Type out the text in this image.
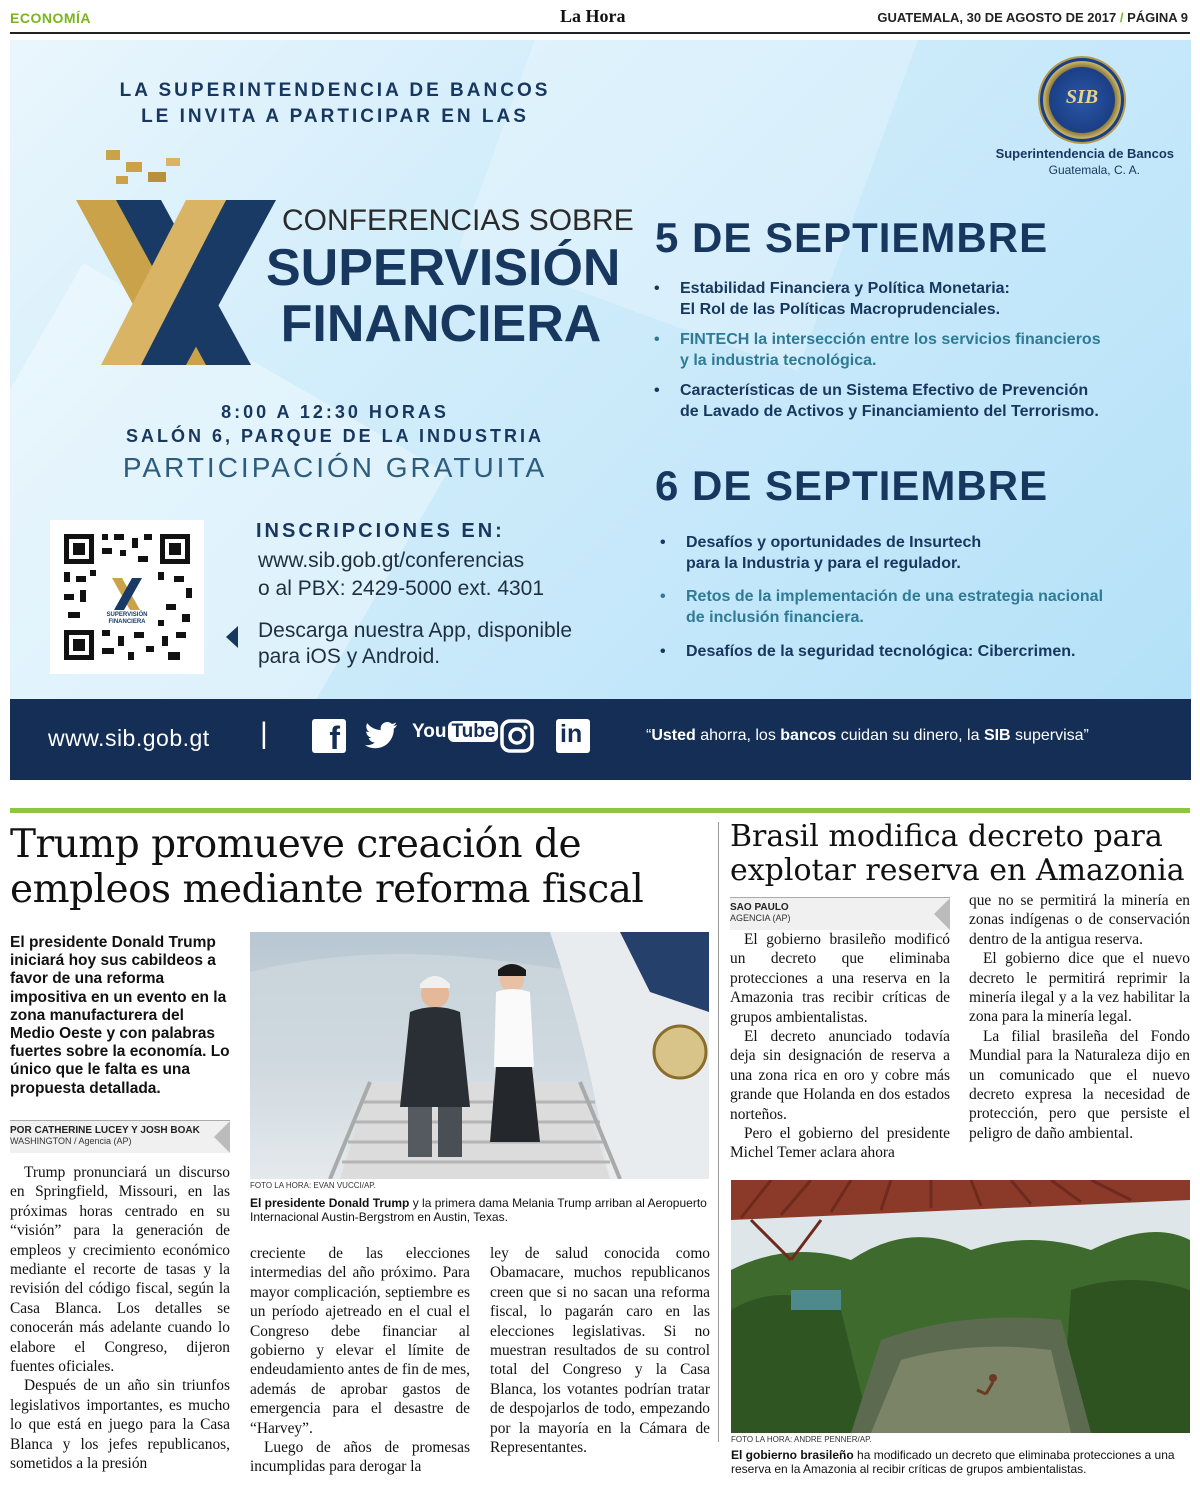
ECONOMÍA	La Hora	GUATEMALA, 30 DE AGOSTO DE 2017 / PÁGINA 9
LA SUPERINTENDENCIA DE BANCOS
LE INVITA A PARTICIPAR EN LAS
SIB
Superintendencia de Bancos
Guatemala, C. A.
CONFERENCIAS SOBRE
SUPERVISIÓN
FINANCIERA
8:00 A 12:30 HORAS
SALÓN 6, PARQUE DE LA INDUSTRIA
PARTICIPACIÓN GRATUITA
SUPERVISIÓN
FINANCIERA
INSCRIPCIONES EN:
www.sib.gob.gt/conferencias
o al PBX: 2429-5000 ext. 4301
Descarga nuestra App, disponible
para iOS y Android.
5 DE SEPTIEMBRE
• Estabilidad Financiera y Política Monetaria:
El Rol de las Políticas Macroprudenciales.
• FINTECH la intersección entre los servicios financieros
y la industria tecnológica.
• Características de un Sistema Efectivo de Prevención
de Lavado de Activos y Financiamiento del Terrorismo.
6 DE SEPTIEMBRE
• Desafíos y oportunidades de Insurtech
para la Industria y para el regulador.
• Retos de la implementación de una estrategia nacional
de inclusión financiera.
• Desafíos de la seguridad tecnológica: Cibercrimen.
www.sib.gob.gt | f	You Tube	in	“Usted ahorra, los bancos cuidan su dinero, la SIB supervisa”
Trump promueve creación de
empleos mediante reforma fiscal
El presidente Donald Trump iniciará hoy sus cabildeos a favor de una reforma impositiva en un evento en la zona manufacturera del Medio Oeste y con palabras fuertes sobre la economía. Lo único que le falta es una propuesta detallada.
POR CATHERINE LUCEY Y JOSH BOAK
WASHINGTON / Agencia (AP)
FOTO LA HORA: EVAN VUCCI/AP.
El presidente Donald Trump y la primera dama Melania Trump arriban al Aeropuerto Internacional Austin-Bergstrom en Austin, Texas.

Trump pronunciará un discurso en Springfield, Missouri, en las próximas horas centrado en su “visión” para la generación de empleos y crecimiento económico mediante el recorte de tasas y la revisión del código fiscal, según la Casa Blanca. Los detalles se conocerán más adelante cuando lo elabore el Congreso, dijeron fuentes oficiales.

Después de un año sin triunfos legislativos importantes, es mucho lo que está en juego para la Casa Blanca y los jefes republicanos, sometidos a la presión

creciente de las elecciones intermedias del año próximo. Para mayor complicación, septiembre es un período ajetreado en el cual el Congreso debe financiar al gobierno y elevar el límite de endeudamiento antes de fin de mes, además de aprobar gastos de emergencia para el desastre de “Harvey”.

Luego de años de promesas incumplidas para derogar la

ley de salud conocida como Obamacare, muchos republicanos creen que si no sacan una reforma fiscal, lo pagarán caro en las elecciones legislativas. Si no muestran resultados de su control total del Congreso y la Casa Blanca, los votantes podrían tratar de despojarlos de todo, empezando por la mayoría en la Cámara de Representantes.

Brasil modifica decreto para
explotar reserva en Amazonia
SAO PAULO
AGENCIA (AP)

El gobierno brasileño modificó un decreto que eliminaba protecciones a una reserva en la Amazonia tras recibir críticas de grupos ambientalistas.

El decreto anunciado todavía deja sin designación de reserva a una zona rica en oro y cobre más grande que Holanda en dos estados norteños.

Pero el gobierno del presidente Michel Temer aclara ahora

que no se permitirá la minería en zonas indígenas o de conservación dentro de la antigua reserva.

El gobierno dice que el nuevo decreto le permitirá reprimir la minería ilegal y a la vez habilitar la zona para la minería legal.

La filial brasileña del Fondo Mundial para la Naturaleza dijo en un comunicado que el nuevo decreto expresa la necesidad de protección, pero que persiste el peligro de daño ambiental.

FOTO LA HORA: ANDRE PENNER/AP.
El gobierno brasileño ha modificado un decreto que eliminaba protecciones a una reserva en la Amazonia al recibir críticas de grupos ambientalistas.
